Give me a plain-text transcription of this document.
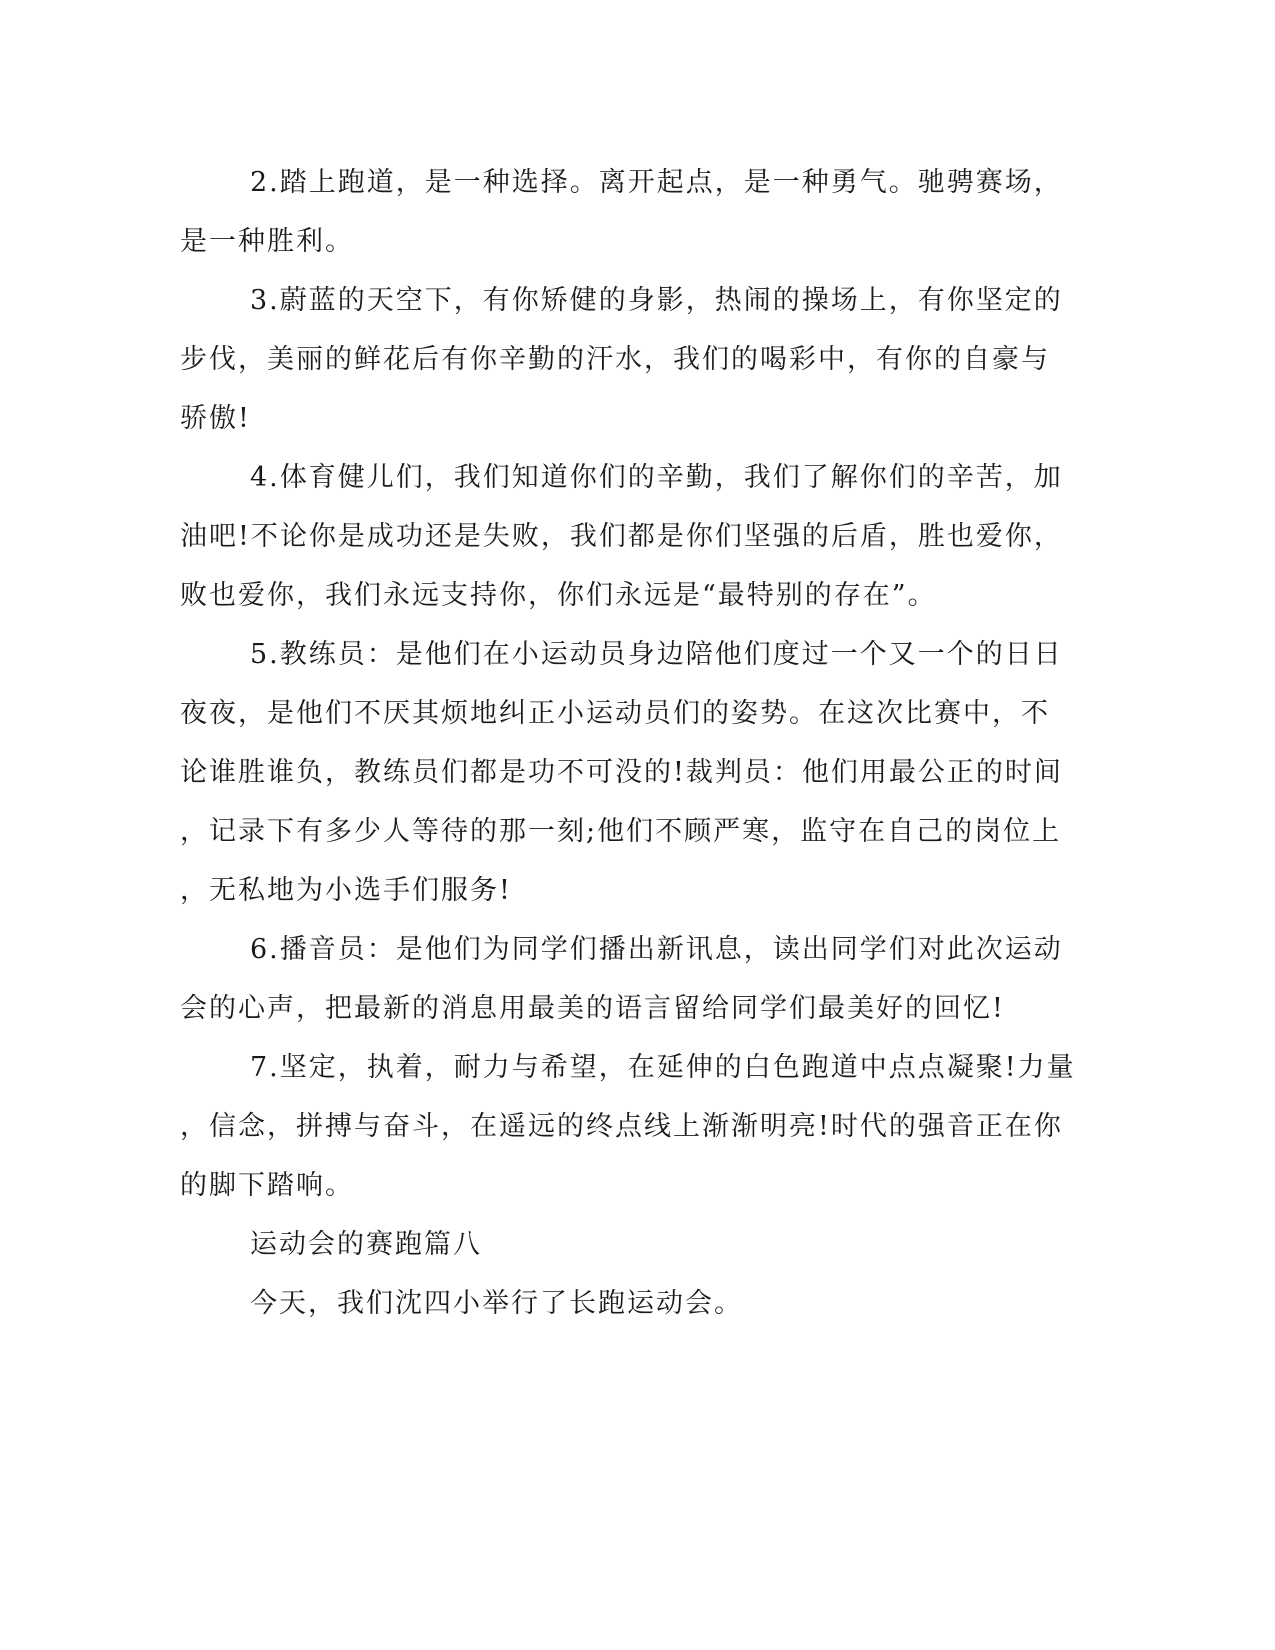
2.踏上跑道，是一种选择。离开起点，是一种勇气。驰骋赛场，
是一种胜利。
3.蔚蓝的天空下，有你矫健的身影，热闹的操场上，有你坚定的
步伐，美丽的鲜花后有你辛勤的汗水，我们的喝彩中，有你的自豪与
骄傲!
4.体育健儿们，我们知道你们的辛勤，我们了解你们的辛苦，加
油吧!不论你是成功还是失败，我们都是你们坚强的后盾，胜也爱你，
败也爱你，我们永远支持你，你们永远是“最特别的存在”。
5.教练员：是他们在小运动员身边陪他们度过一个又一个的日日
夜夜，是他们不厌其烦地纠正小运动员们的姿势。在这次比赛中，不
论谁胜谁负，教练员们都是功不可没的!裁判员：他们用最公正的时间
，记录下有多少人等待的那一刻;他们不顾严寒，监守在自己的岗位上
，无私地为小选手们服务!
6.播音员：是他们为同学们播出新讯息，读出同学们对此次运动
会的心声，把最新的消息用最美的语言留给同学们最美好的回忆!
7.坚定，执着，耐力与希望，在延伸的白色跑道中点点凝聚!力量
，信念，拼搏与奋斗，在遥远的终点线上渐渐明亮!时代的强音正在你
的脚下踏响。
运动会的赛跑篇八
今天，我们沈四小举行了长跑运动会。
